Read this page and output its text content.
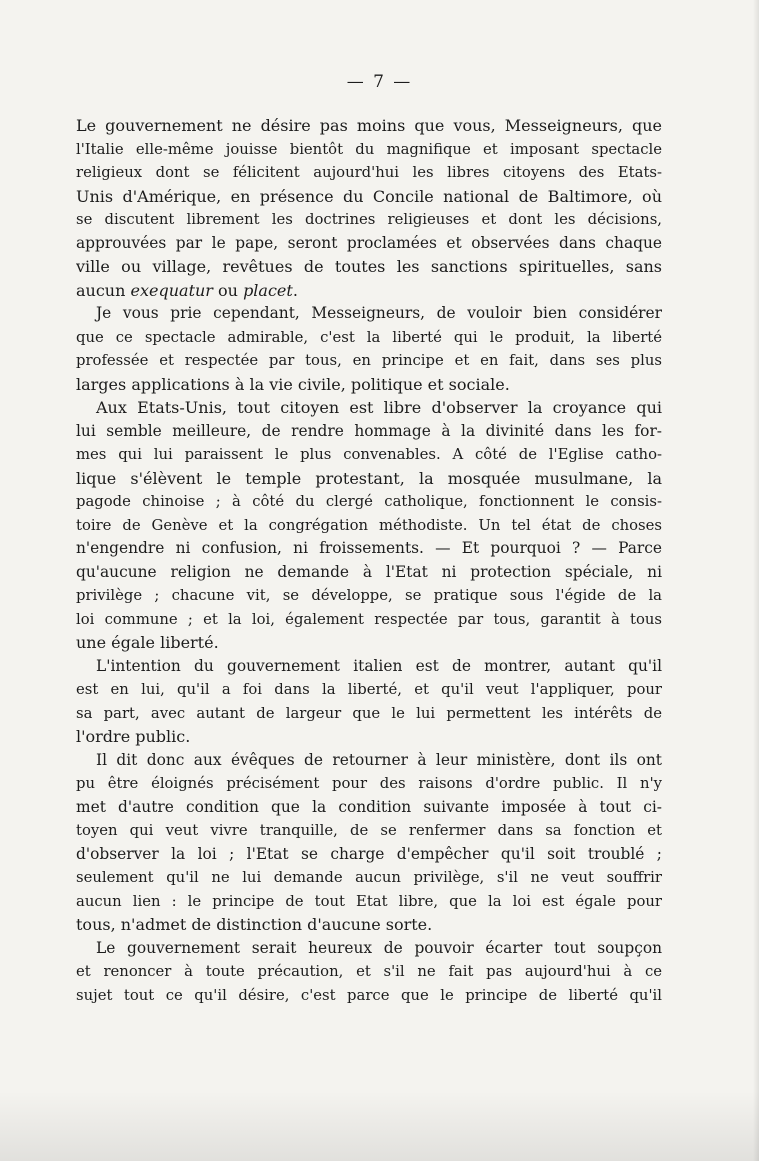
— 7 —
Le gouvernement ne désire pas moins que vous, Messeigneurs, que
l'Italie elle-même jouisse bientôt du magnifique et imposant spectacle
religieux dont se félicitent aujourd'hui les libres citoyens des Etats-
Unis d'Amérique, en présence du Concile national de Baltimore, où
se discutent librement les doctrines religieuses et dont les décisions,
approuvées par le pape, seront proclamées et observées dans chaque
ville ou village, revêtues de toutes les sanctions spirituelles, sans
aucun exequatur ou placet.
Je vous prie cependant, Messeigneurs, de vouloir bien considérer
que ce spectacle admirable, c'est la liberté qui le produit, la liberté
professée et respectée par tous, en principe et en fait, dans ses plus
larges applications à la vie civile, politique et sociale.
Aux Etats-Unis, tout citoyen est libre d'observer la croyance qui
lui semble meilleure, de rendre hommage à la divinité dans les for-
mes qui lui paraissent le plus convenables. A côté de l'Eglise catho-
lique s'élèvent le temple protestant, la mosquée musulmane, la
pagode chinoise ; à côté du clergé catholique, fonctionnent le consis-
toire de Genève et la congrégation méthodiste. Un tel état de choses
n'engendre ni confusion, ni froissements. — Et pourquoi ? — Parce
qu'aucune religion ne demande à l'Etat ni protection spéciale, ni
privilège ; chacune vit, se développe, se pratique sous l'égide de la
loi commune ; et la loi, également respectée par tous, garantit à tous
une égale liberté.
L'intention du gouvernement italien est de montrer, autant qu'il
est en lui, qu'il a foi dans la liberté, et qu'il veut l'appliquer, pour
sa part, avec autant de largeur que le lui permettent les intérêts de
l'ordre public.
Il dit donc aux évêques de retourner à leur ministère, dont ils ont
pu être éloignés précisément pour des raisons d'ordre public. Il n'y
met d'autre condition que la condition suivante imposée à tout ci-
toyen qui veut vivre tranquille, de se renfermer dans sa fonction et
d'observer la loi ; l'Etat se charge d'empêcher qu'il soit troublé ;
seulement qu'il ne lui demande aucun privilège, s'il ne veut souffrir
aucun lien : le principe de tout Etat libre, que la loi est égale pour
tous, n'admet de distinction d'aucune sorte.
Le gouvernement serait heureux de pouvoir écarter tout soupçon
et renoncer à toute précaution, et s'il ne fait pas aujourd'hui à ce
sujet tout ce qu'il désire, c'est parce que le principe de liberté qu'il
